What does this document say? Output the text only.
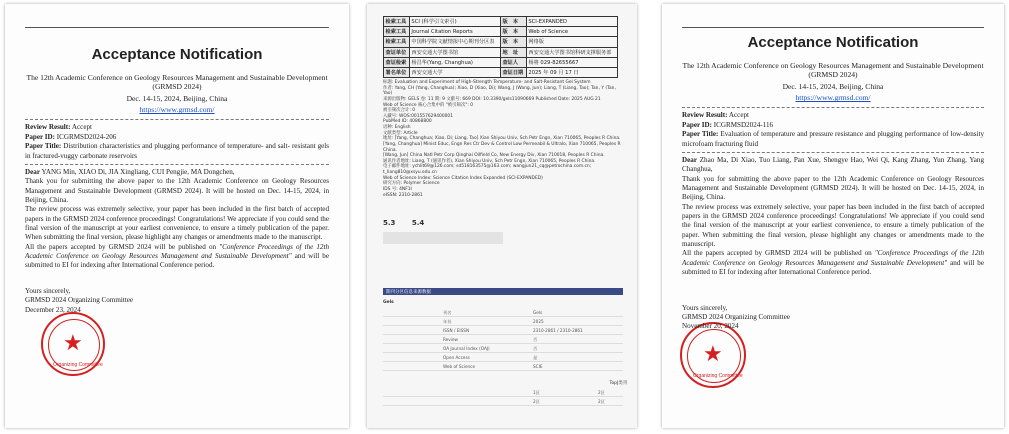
Acceptance Notification
The 12th Academic Conference on Geology Resources Management and Sustainable Development (GRMSD 2024)
Dec. 14-15, 2024, Beijing, China
https://www.grmsd.com/

Review Result: Accept

Paper ID: ICGRMSD2024-206

Paper Title: Distribution characteristics and plugging performance of temperature- and salt- resistant gels in fractured-vuggy carbonate reservoirs

Dear YANG Min, XIAO Di, JIA Xingliang, CUI Pengjie, MA Dongchen,

Thank you for submitting the above paper to the 12th Academic Conference on Geology Resources Management and Sustainable Development (GRMSD 2024). It will be hosted on Dec. 14-15, 2024, in Beijing, China.

The review process was extremely selective, your paper has been included in the first batch of accepted papers in the GRMSD 2024 conference proceedings! Congratulations! We appreciate if you could send the final version of the manuscript at your earliest convenience, to ensure a timely publication of the paper. When submitting the final version, please highlight any changes or amendments made to the manuscript.

All the papers accepted by GRMSD 2024 will be published on "Conference Proceedings of the 12th Academic Conference on Geology Resources Management and Sustainable Development" and will be submitted to EI for indexing after International Conference period.

Yours sincerely,

GRMSD 2024 Organizing Committee

December 23, 2024

★
Organizing Committee
检索工具	SCI (科学引文索引)	版　本	SCI-EXPANDED
检索工具	Journal Citation Reports	版　本	Web of Science
检索工具	中国科学院文献情报中心期刊分区表	版　本	网络版
查证单位	西安交通大学图书馆	地　址	西安交通大学图书馆科研支撑服务部
查证检索	杨昌华(Yang, Changhua)	查证人	杨将 029-82655667
署名单位	西安交通大学	查证日期	2025 年 09 月 17 日
标题: Evaluation and Experiment of High-Strength Temperature- and Salt-Resistant Gel System
作者: Yang, CH (Yang, Changhua); Xiao, D (Xiao, Di); Wang, J (Wang, Jun); Liang, T (Liang, Tao); Tan, Y (Tan, Yao)
来源出版物: GELS 卷: 11 期: 9 文献号: 669 DOI: 10.3390/gels11090669 Published Date: 2025 AUG 21
Web of Science 核心合集中的 "被引频次": 0
被引频次合计: 0
入藏号: WOS:001557629400001
PubMed ID: 40868800
语种: English
文献类型: Article
地址: [Yang, Changhua; Xiao, Di; Liang, Tao] Xian Shiyou Univ, Sch Petr Engn, Xian 710065, Peoples R China.
[Yang, Changhua] Minist Educ, Engn Res Ctr Dev & Control Low Permeabil & Ultralo, Xian 710065, Peoples R China.
[Wang, Jun] China Natl Petr Corp Qinghai Oilfield Co, New Energy Div, Xian 710018, Peoples R China.
通讯作者地址: Liang, T (通讯作者), Xian Shiyou Univ, Sch Petr Engn, Xian 710065, Peoples R China.
电子邮件地址: ychlit69@126.com; sd518163575@163.com; wangjun21_cq@petrochina.com.cn; t_liang810@xsyu.edu.cn
Web of Science Index: Science Citation Index Expanded (SCI-EXPANDED)
研究方向: Polymer Science
IDS 号: 4NF1I
eISSN: 2310-2861
5.3 5.4
期刊分区信息来源数据
Gels
刊名	Gels
年份	2025
ISSN / EISSN	2310-2861 / 2310-2861
Review	否
OA Journal Index (OAJ)	否
Open Access	是
Web of Science	SCIE
TopJ类刊
1区	2区
2区	2区
Acceptance Notification
The 12th Academic Conference on Geology Resources Management and Sustainable Development (GRMSD 2024)
Dec. 14-15, 2024, Beijing, China
https://www.grmsd.com/

Review Result: Accept

Paper ID: ICGRMSD2024-116

Paper Title: Evaluation of temperature and pressure resistance and plugging performance of low-density microfoam fracturing fluid

Dear Zhao Ma, Di Xiao, Tuo Liang, Pan Xue, Shengye Hao, Wei Qi, Kang Zhang, Yun Zhang, Yang Changhua,

Thank you for submitting the above paper to the 12th Academic Conference on Geology Resources Management and Sustainable Development (GRMSD 2024). It will be hosted on Dec. 14-15, 2024, in Beijing, China.

The review process was extremely selective, your paper has been included in the first batch of accepted papers in the GRMSD 2024 conference proceedings! Congratulations! We appreciate if you could send the final version of the manuscript at your earliest convenience, to ensure a timely publication of the paper. When submitting the final version, please highlight any changes or amendments made to the manuscript.

All the papers accepted by GRMSD 2024 will be published on "Conference Proceedings of the 12th Academic Conference on Geology Resources Management and Sustainable Development" and will be submitted to EI for indexing after International Conference period.

Yours sincerely,

GRMSD 2024 Organizing Committee

November 20, 2024

★
Organizing Committee
